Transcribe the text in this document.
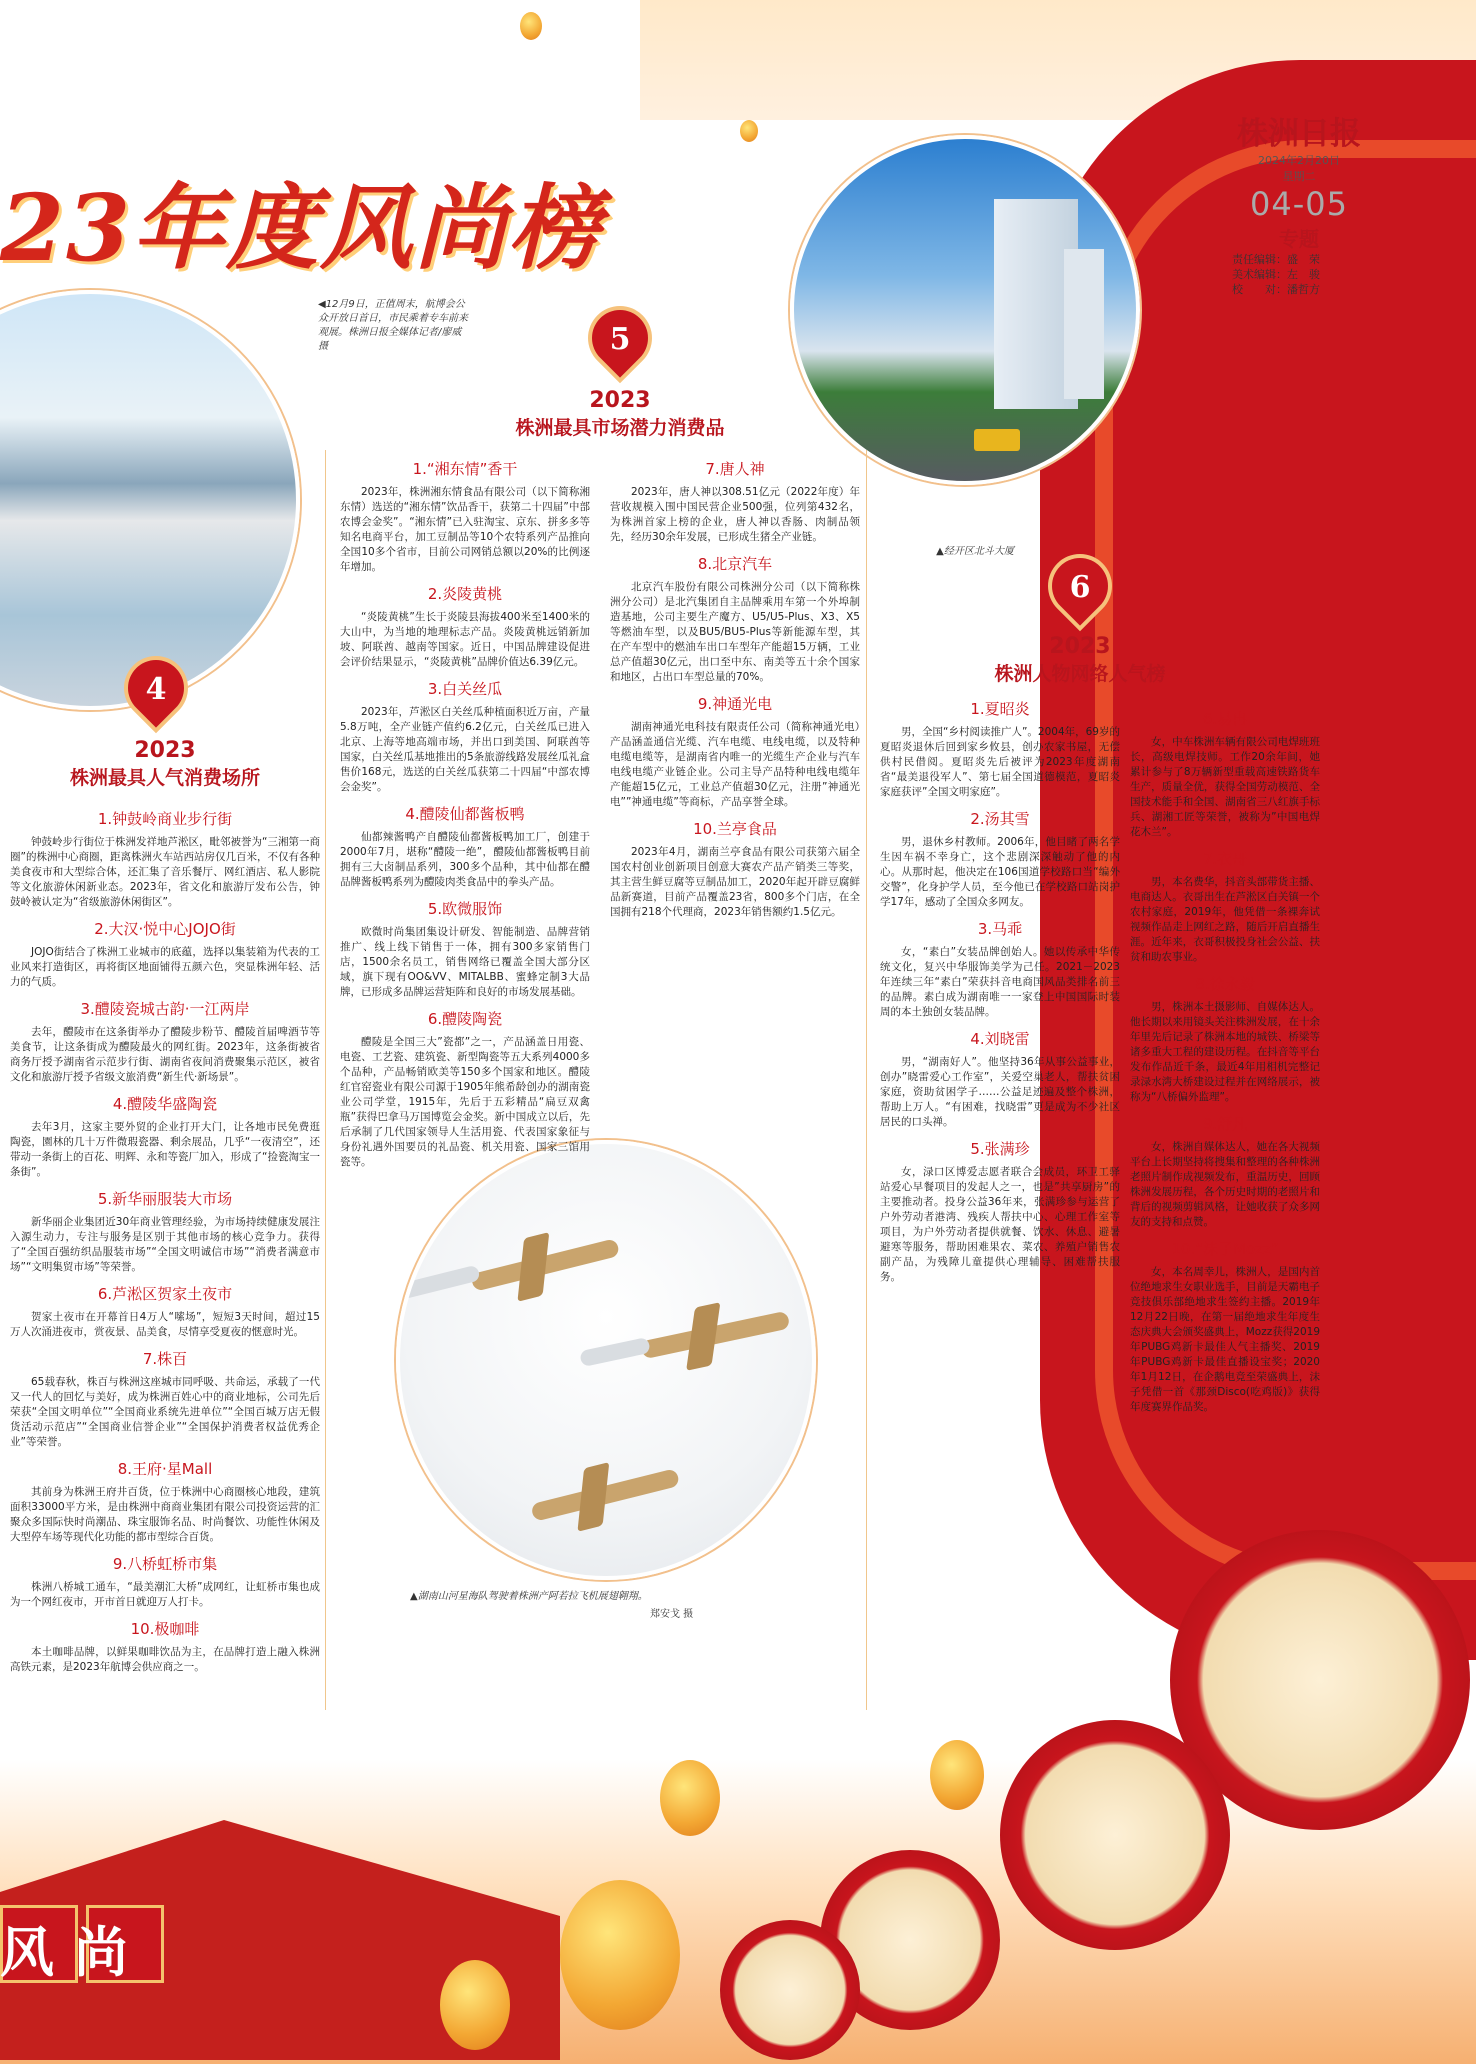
风尚
23年度风尚榜
株洲日报
2024年2月20日
星期二
04-05
专题
责任编辑：盛　荣
美术编辑：左　骏
校　　对：潘哲方
◀12月9日，正值周末，航博会公众开放日首日，市民乘着专车前来观展。株洲日报全媒体记者/廖威 摄
▲经开区北斗大厦
▲湖南山河星海队驾驶着株洲产阿若拉飞机展翅翱翔。
郑安戈 摄
4
2023
株洲最具人气消费场所
1.钟鼓岭商业步行街
钟鼓岭步行街位于株洲发祥地芦淞区，毗邻被誉为“三湘第一商圈”的株洲中心商圈，距离株洲火车站西站房仅几百米，不仅有各种美食夜市和大型综合体，还汇集了音乐餐厅、网红酒店、私人影院等文化旅游休闲新业态。2023年，省文化和旅游厅发布公告，钟鼓岭被认定为“省级旅游休闲街区”。
2.大汉·悦中心JOJO街
JOJO街结合了株洲工业城市的底蕴，选择以集装箱为代表的工业风来打造街区，再将街区地面铺得五颜六色，突显株洲年轻、活力的气质。
3.醴陵瓷城古韵·一江两岸
去年，醴陵市在这条街举办了醴陵步粉节、醴陵首届啤酒节等美食节，让这条街成为醴陵最火的网红街。2023年，这条街被省商务厅授予湖南省示范步行街、湖南省夜间消费聚集示范区，被省文化和旅游厅授予省级文旅消费“新生代·新场景”。
4.醴陵华盛陶瓷
去年3月，这家主要外贸的企业打开大门，让各地市民免费逛陶瓷，園林的几十万件微瑕瓷器、剩余展品，几乎“一夜清空”，还带动一条街上的百花、明辉、永和等瓷厂加入，形成了“捡瓷淘宝一条街”。
5.新华丽服装大市场
新华丽企业集团近30年商业管理经验，为市场持续健康发展注入源生动力，专注与服务是区别于其他市场的核心竞争力。获得了“全国百强纺织品服装市场”“全国文明诚信市场”“消费者满意市场”“文明集贸市场”等荣誉。
6.芦淞区贺家土夜市
贺家土夜市在开幕首日4万人“嗦场”，短短3天时间，超过15万人次涌进夜市，赏夜景、品美食，尽情享受夏夜的惬意时光。
7.株百
65载春秋，株百与株洲这座城市同呼吸、共命运，承载了一代又一代人的回忆与美好，成为株洲百姓心中的商业地标，公司先后荣获“全国文明单位”“全国商业系统先进单位”“全国百城万店无假货活动示范店”“全国商业信誉企业”“全国保护消费者权益优秀企业”等荣誉。
8.王府·星Mall
其前身为株洲王府井百货，位于株洲中心商圈核心地段，建筑面积33000平方米，是由株洲中商商业集团有限公司投资运营的汇聚众多国际快时尚潮品、珠宝服饰名品、时尚餐饮、功能性休闲及大型停车场等现代化功能的都市型综合百货。
9.八桥虹桥市集
株洲八桥城工通车，“最美潮汇大桥”成网红，让虹桥市集也成为一个网红夜市，开市首日就迎万人打卡。
10.极咖啡
本土咖啡品牌，以鲜果咖啡饮品为主，在品牌打造上融入株洲高铁元素，是2023年航博会供应商之一。
5
2023
株洲最具市场潜力消费品
1.“湘东情”香干
2023年，株洲湘东情食品有限公司（以下简称湘东情）选送的“湘东情”饮品香干，获第二十四届”中部农博会金奖”。“湘东情”已入驻淘宝、京东、拼多多等知名电商平台，加工豆制品等10个农特系列产品推向全国10多个省市，目前公司网销总额以20%的比例逐年增加。
2.炎陵黄桃
“炎陵黄桃”生长于炎陵县海拔400米至1400米的大山中，为当地的地理标志产品。炎陵黄桃远销新加坡、阿联酋、越南等国家。近日，中国品牌建设促进会评价结果显示，“炎陵黄桃”品牌价值达6.39亿元。
3.白关丝瓜
2023年，芦淞区白关丝瓜种植面积近万亩，产量5.8万吨，全产业链产值约6.2亿元，白关丝瓜已进入北京、上海等地高端市场，并出口到美国、阿联酋等国家，白关丝瓜基地推出的5条旅游线路发展丝瓜礼盒售价168元，选送的白关丝瓜获第二十四届“中部农博会金奖”。
4.醴陵仙都酱板鸭
仙都辣酱鸭产自醴陵仙都酱板鸭加工厂，创建于2000年7月，堪称“醴陵一绝”，醴陵仙都酱板鸭目前拥有三大卤制品系列，300多个品种，其中仙都在醴品牌酱板鸭系列为醴陵肉类食品中的拳头产品。
5.欧微服饰
欧微时尚集团集设计研发、智能制造、品牌营销推广、线上线下销售于一体，拥有300多家销售门店，1500余名员工，销售网络已覆盖全国大部分区域，旗下现有OO&VV、MITALBB、蜜蜂定制3大品牌，已形成多品牌运营矩阵和良好的市场发展基础。
6.醴陵陶瓷
醴陵是全国三大”瓷都”之一，产品涵盖日用瓷、电瓷、工艺瓷、建筑瓷、新型陶瓷等五大系列4000多个品种，产品畅销欧美等150多个国家和地区。醴陵红官窑瓷业有限公司源于1905年熊希龄创办的湖南瓷业公司学堂，1915年，先后于五彩精品“扁豆双禽瓶”获得巴拿马万国博览会金奖。新中国成立以后，先后承制了几代国家领导人生活用瓷、代表国家象征与身份礼遇外国要员的礼品瓷、机关用瓷、国家三馆用瓷等。
7.唐人神
2023年，唐人神以308.51亿元（2022年度）年营收规模入围中国民营企业500强，位列第432名，为株洲首家上榜的企业，唐人神以香肠、肉制品领先，经历30余年发展，已形成生猪全产业链。
8.北京汽车
北京汽车股份有限公司株洲分公司（以下简称株洲分公司）是北汽集团自主品牌乘用车第一个外埠制造基地，公司主要生产魔方、U5/U5-Plus、X3、X5等燃油车型，以及BU5/BU5-Plus等新能源车型，其在产车型中的燃油车出口车型年产能超15万辆，工业总产值超30亿元，出口至中东、南美等五十余个国家和地区，占出口车型总量的70%。
9.神通光电
湖南神通光电科技有限责任公司（简称神通光电）产品涵盖通信光缆、汽车电缆、电线电缆，以及特种电缆电缆等，是湖南省内唯一的光缆生产企业与汽车电线电缆产业链企业。公司主导产品特种电线电缆年产能超15亿元，工业总产值超30亿元，注册”神通光电””神通电缆”等商标，产品享誉全球。
10.兰亭食品
2023年4月，湖南兰亭食品有限公司获第六届全国农村创业创新项目创意大赛农产品产销类三等奖，其主营生鲜豆腐等豆制品加工，2020年起开辟豆腐鲜品新赛道，目前产品覆盖23省，800多个门店，在全国拥有218个代理商，2023年销售额约1.5亿元。
6
2023
株洲人物网络人气榜
1.夏昭炎
男，全国“乡村阅读推广人”。2004年，69岁的夏昭炎退休后回到家乡攸县，创办农家书屋，无偿供村民借阅。夏昭炎先后被评为2023年度湖南省“最美退役军人”、第七届全国道德模范，夏昭炎家庭获评”全国文明家庭”。
2.汤其雪
男，退休乡村教师。2006年，他目睹了两名学生因车祸不幸身亡，这个悲剧深深触动了他的内心。从那时起，他决定在106国道学校路口当“编外交警”，化身护学人员，至今他已在学校路口站岗护学17年，感动了全国众多网友。
3.马乖
女，“素白”女装品牌创始人。她以传承中华传统文化，复兴中华服饰美学为己任。2021－2023年连续三年“素白”荣获抖音电商国风品类排名前三的品牌。素白成为湖南唯一一家登上中国国际时装周的本土独创女装品牌。
4.刘晓雷
男，“湖南好人”。他坚持36年从事公益事业，创办”晓雷爱心工作室”，关爱空巢老人，帮扶贫困家庭，资助贫困学子……公益足迹遍及整个株洲，帮助上万人。“有困难，找晓雷”更是成为不少社区居民的口头禅。
5.张满珍
女，渌口区博爱志愿者联合会成员，环卫工驿站爱心早餐项目的发起人之一，也是”共享厨房”的主要推动者。投身公益36年来，张满珍参与运营了户外劳动者港湾、残疾人帮扶中心、心理工作室等项目，为户外劳动者提供就餐、饮水、休息、避暑避寒等服务，帮助困难果农、菜农、养殖户销售农副产品，为残障儿童提供心理辅导、困难帮扶服务。
6.易冉
女，中车株洲车辆有限公司电焊班班长，高级电焊技师。工作20余年间，她累计参与了8万辆新型重载高速铁路货车生产，质量全优，获得全国劳动模范、全国技术能手和全国、湖南省三八红旗手标兵、湖湘工匠等荣誉，被称为”中国电焊花木兰”。
7.衣哥
男，本名费华，抖音头部带货主播、电商达人。衣哥出生在芦淞区白关镇一个农村家庭，2019年，他凭借一条裸奔试视频作品走上网红之路，随后开启直播生涯。近年来，衣哥积极投身社会公益、扶贫和助农事业。
8.徐永毅
男，株洲本土摄影师、自媒体达人。他长期以来用镜头关注株洲发展，在十余年里先后记录了株洲本地的城铁、桥梁等诸多重大工程的建设历程。在抖音等平台发布作品近千条，最近4年用相机完整记录渌水湾大桥建设过程并在网络展示，被称为“八桥偏外监理”。
9.舒凡
女，株洲自媒体达人，她在各大视频平台上长期坚持将搜集和整理的各种株洲老照片制作成视频发布，重温历史，回顾株洲发展历程，各个历史时期的老照片和背后的视频剪辑风格，让她收获了众多网友的支持和点赞。
10.“沫子Mozz”
女，本名周幸儿，株洲人，是国内首位绝地求生女职业选手，目前是天霸电子竞技俱乐部绝地求生签约主播。2019年12月22日晚，在第一届绝地求生年度生态庆典大会颁奖盛典上，Mozz获得2019年PUBG鸡新卡最佳人气主播奖、2019年PUBG鸡新卡最佳直播设宝奖；2020年1月12日，在企鹅电竞至荣盛典上，沫子凭借一首《那颈Disco(吃鸡版)》获得年度赛界作品奖。
